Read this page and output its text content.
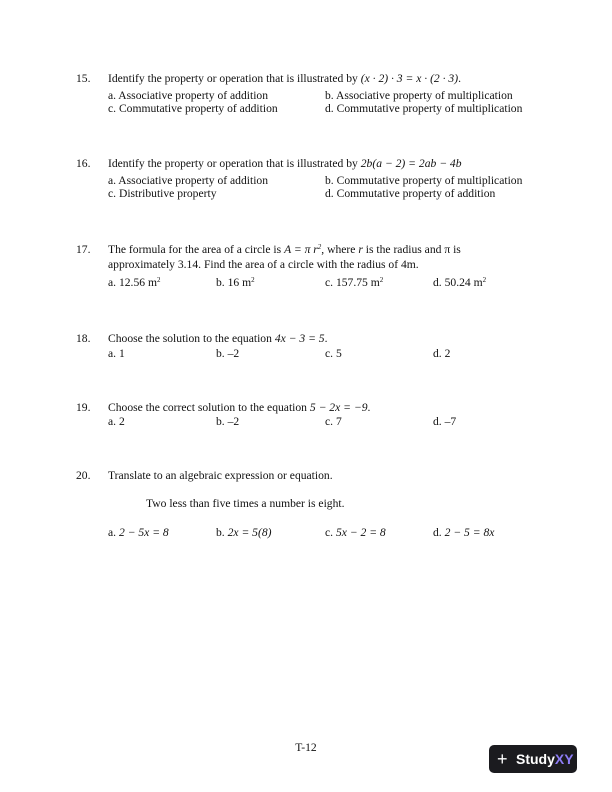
15. Identify the property or operation that is illustrated by (x · 2) · 3 = x · (2 · 3).
a. Associative property of addition	b. Associative property of multiplication
c. Commutative property of addition	d. Commutative property of multiplication
16. Identify the property or operation that is illustrated by 2b(a − 2) = 2ab − 4b
a. Associative property of addition	b. Commutative property of multiplication
c. Distributive property	d. Commutative property of addition
17. The formula for the area of a circle is A = π $r^2$, where r is the radius and π is
approximately 3.14. Find the area of a circle with the radius of 4m.
a. 12.56 $m^2$	b. 16 $m^2$	c. 157.75 $m^2$	d. 50.24 $m^2$
18. Choose the solution to the equation 4x − 3 = 5.
a. 1	b. –2	c. 5	d. 2
19. Choose the correct solution to the equation 5 − 2x = −9.
a. 2	b. –2	c. 7	d. –7
20. Translate to an algebraic expression or equation.
Two less than five times a number is eight.
a. 2 − 5x = 8	b. 2x = 5(8)	c. 5x − 2 = 8	d. 2 − 5 = 8x
T-12
+ StudyXY
